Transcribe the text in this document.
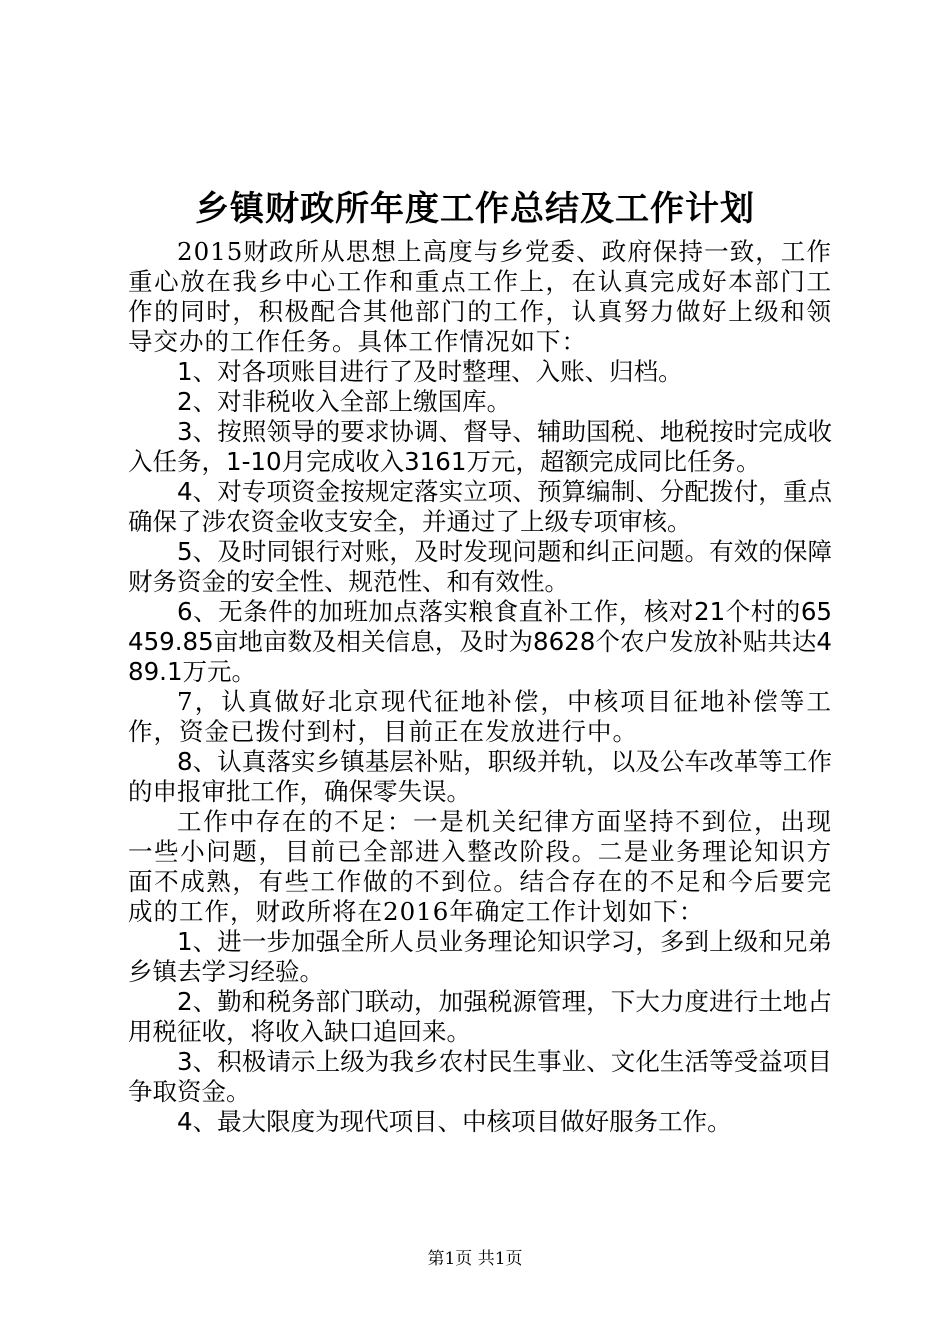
乡镇财政所年度工作总结及工作计划

2015财政所从思想上高度与乡党委、政府保持一致，工作重心放在我乡中心工作和重点工作上，在认真完成好本部门工作的同时，积极配合其他部门的工作，认真努力做好上级和领导交办的工作任务。具体工作情况如下：

1、对各项账目进行了及时整理、入账、归档。

2、对非税收入全部上缴国库。

3、按照领导的要求协调、督导、辅助国税、地税按时完成收入任务，1-10月完成收入3161万元，超额完成同比任务。

4、对专项资金按规定落实立项、预算编制、分配拨付，重点确保了涉农资金收支安全，并通过了上级专项审核。

5、及时同银行对账，及时发现问题和纠正问题。有效的保障财务资金的安全性、规范性、和有效性。

6、无条件的加班加点落实粮食直补工作，核对21个村的65459.85亩地亩数及相关信息，及时为8628个农户发放补贴共达489.1万元。

7，认真做好北京现代征地补偿，中核项目征地补偿等工作，资金已拨付到村，目前正在发放进行中。

8、认真落实乡镇基层补贴，职级并轨，以及公车改革等工作的申报审批工作，确保零失误。

工作中存在的不足：一是机关纪律方面坚持不到位，出现一些小问题，目前已全部进入整改阶段。二是业务理论知识方面不成熟，有些工作做的不到位。结合存在的不足和今后要完成的工作，财政所将在2016年确定工作计划如下：

1、进一步加强全所人员业务理论知识学习，多到上级和兄弟乡镇去学习经验。

2、勤和税务部门联动，加强税源管理，下大力度进行土地占用税征收，将收入缺口追回来。

3、积极请示上级为我乡农村民生事业、文化生活等受益项目争取资金。

4、最大限度为现代项目、中核项目做好服务工作。

第1页 共1页
